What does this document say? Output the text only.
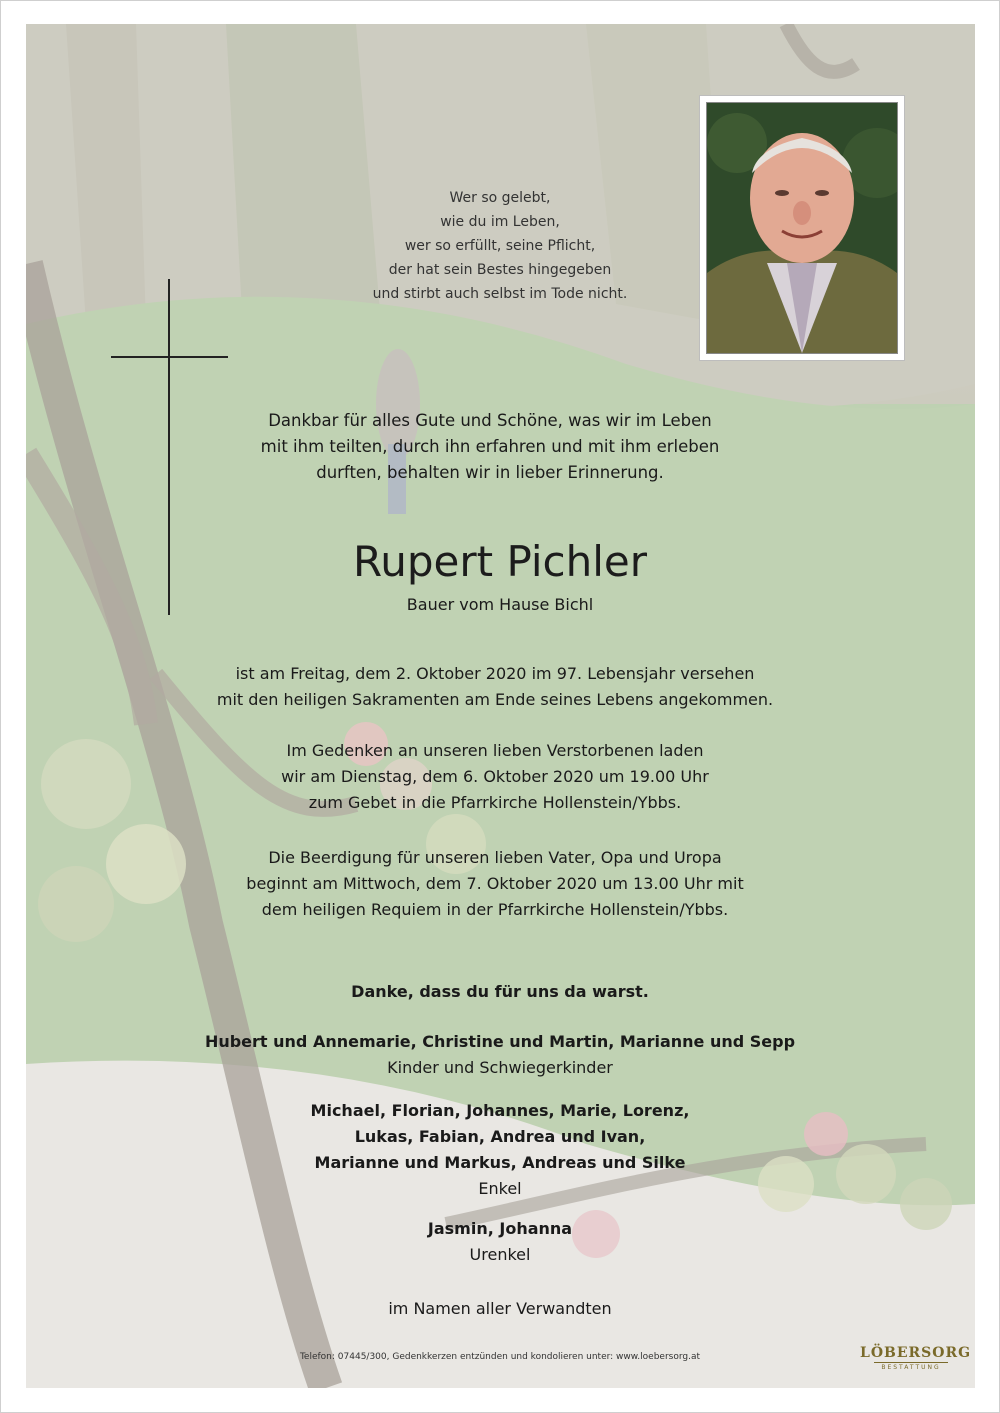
Wer so gelebt,
wie du im Leben,
wer so erfüllt, seine Pflicht,
der hat sein Bestes hingegeben
und stirbt auch selbst im Tode nicht.
Dankbar für alles Gute und Schöne, was wir im Leben
mit ihm teilten, durch ihn erfahren und mit ihm erleben
durften, behalten wir in lieber Erinnerung.
Rupert Pichler
Bauer vom Hause Bichl
ist am Freitag, dem 2. Oktober 2020 im 97. Lebensjahr versehen
mit den heiligen Sakramenten am Ende seines Lebens angekommen.
Im Gedenken an unseren lieben Verstorbenen laden
wir am Dienstag, dem 6. Oktober 2020 um 19.00 Uhr
zum Gebet in die Pfarrkirche Hollenstein/Ybbs.
Die Beerdigung für unseren lieben Vater, Opa und Uropa
beginnt am Mittwoch, dem 7. Oktober 2020 um 13.00 Uhr mit
dem heiligen Requiem in der Pfarrkirche Hollenstein/Ybbs.
Danke, dass du für uns da warst.
Hubert und Annemarie, Christine und Martin, Marianne und Sepp
Kinder und Schwiegerkinder
Michael, Florian, Johannes, Marie, Lorenz,
Lukas, Fabian, Andrea und Ivan,
Marianne und Markus, Andreas und Silke
Enkel
Jasmin, Johanna
Urenkel
im Namen aller Verwandten
Telefon: 07445/300, Gedenkkerzen entzünden und kondolieren unter: www.loebersorg.at	LÖBERSORG
BESTATTUNG
